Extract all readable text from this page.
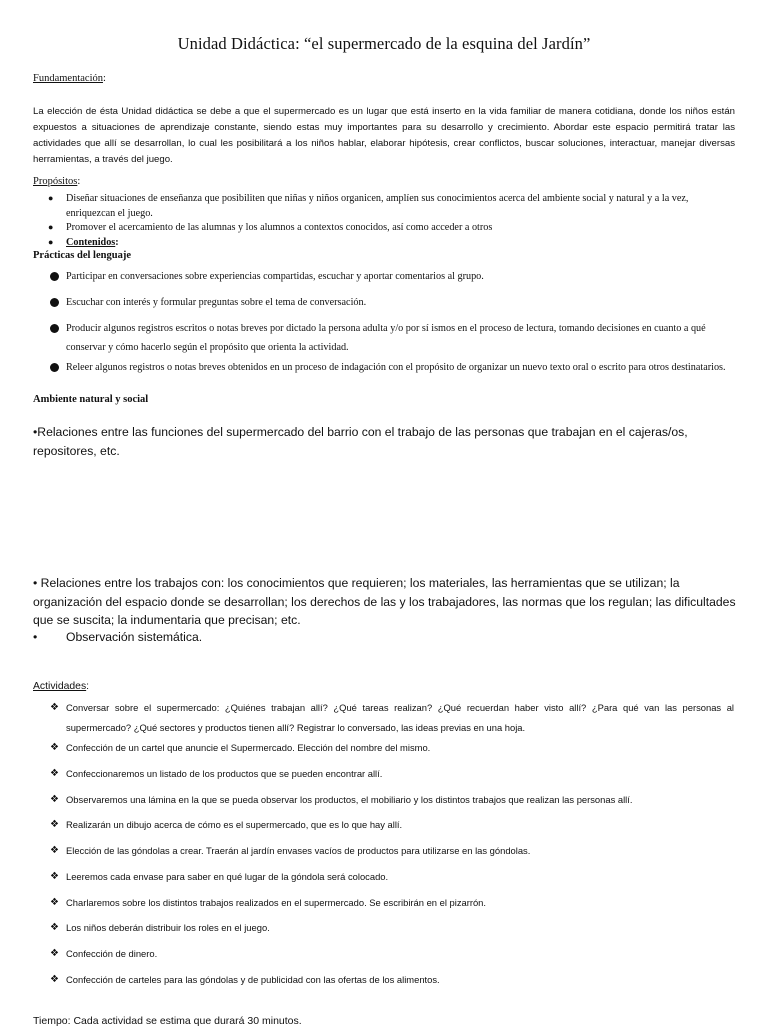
Unidad Didáctica: “el supermercado de la esquina del Jardín”
Fundamentación:
La elección de ésta Unidad didáctica se debe a que el supermercado es un lugar que está inserto en la vida familiar de manera cotidiana, donde los niños están expuestos a situaciones de aprendizaje constante, siendo estas muy importantes para su desarrollo y crecimiento. Abordar este espacio permitirá tratar las actividades que allí se desarrollan, lo cual les posibilitará a los niños hablar, elaborar hipótesis, crear conflictos, buscar soluciones, interactuar, manejar diversas herramientas, a través del juego.
Propósitos:
● Diseñar situaciones de enseñanza que posibiliten que niñas y niños organicen, amplíen sus conocimientos acerca del ambiente social y natural y a la vez, enriquezcan el juego.
● Promover el acercamiento de las alumnas y los alumnos a contextos conocidos, así como acceder a otros
● Contenidos:
Prácticas del lenguaje
Participar en conversaciones sobre experiencias compartidas, escuchar y aportar comentarios al grupo.
Escuchar con interés y formular preguntas sobre el tema de conversación.
Producir algunos registros escritos o notas breves por dictado la persona adulta y/o por sí ismos en el proceso de lectura, tomando decisiones en cuanto a qué conservar y cómo hacerlo según el propósito que orienta la actividad.
Releer algunos registros o notas breves obtenidos en un proceso de indagación con el propósito de organizar un nuevo texto oral o escrito para otros destinatarios.
Ambiente natural y social
•Relaciones entre las funciones del supermercado del barrio con el trabajo de las personas que trabajan en el cajeras/os, repositores, etc.
• Relaciones entre los trabajos con: los conocimientos que requieren; los materiales, las herramientas que se utilizan; la organización del espacio donde se desarrollan; los derechos de las y los trabajadores, las normas que los regulan; las dificultades que se suscita; la indumentaria que precisan; etc.
• Observación sistemática.
Actividades:
❖ Conversar sobre el supermercado: ¿Quiénes trabajan allí? ¿Qué tareas realizan? ¿Qué recuerdan haber visto allí? ¿Para qué van las personas al supermercado? ¿Qué sectores y productos tienen allí? Registrar lo conversado, las ideas previas en una hoja.
❖ Confección de un cartel que anuncie el Supermercado. Elección del nombre del mismo.
❖ Confeccionaremos un listado de los productos que se pueden encontrar allí.
❖ Observaremos una lámina en la que se pueda observar los productos, el mobiliario y los distintos trabajos que realizan las personas allí.
❖ Realizarán un dibujo acerca de cómo es el supermercado, que es lo que hay allí.
❖ Elección de las góndolas a crear. Traerán al jardín envases vacíos de productos para utilizarse en las góndolas.
❖ Leeremos cada envase para saber en qué lugar de la góndola será colocado.
❖ Charlaremos sobre los distintos trabajos realizados en el supermercado. Se escribirán en el pizarrón.
❖ Los niños deberán distribuir los roles en el juego.
❖ Confección de dinero.
❖ Confección de carteles para las góndolas y de publicidad con las ofertas de los alimentos.
Tiempo: Cada actividad se estima que durará 30 minutos.
